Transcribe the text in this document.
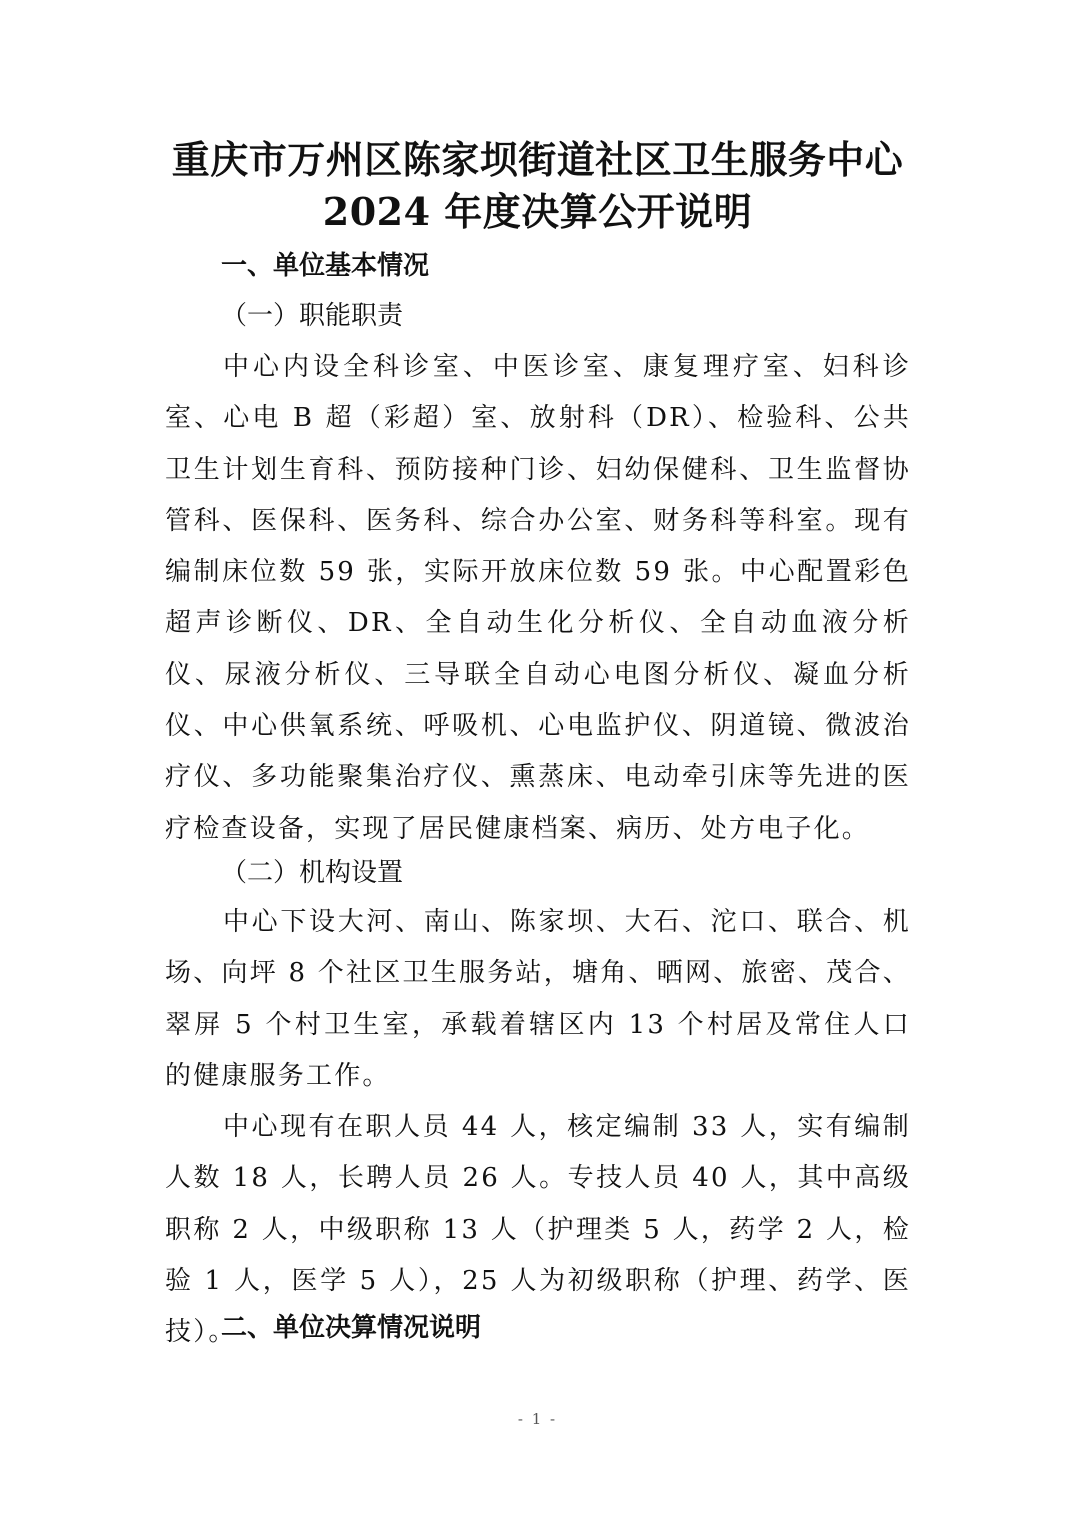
重庆市万州区陈家坝街道社区卫生服务中心
2024 年度决算公开说明
一、单位基本情况
（一）职能职责

中心内设全科诊室、中医诊室、康复理疗室、妇科诊室、心电 B 超（彩超）室、放射科（DR）、检验科、公共卫生计划生育科、预防接种门诊、妇幼保健科、卫生监督协管科、医保科、医务科、综合办公室、财务科等科室。现有编制床位数 59 张，实际开放床位数 59 张。中心配置彩色超声诊断仪、DR、全自动生化分析仪、全自动血液分析仪、尿液分析仪、三导联全自动心电图分析仪、凝血分析仪、中心供氧系统、呼吸机、心电监护仪、阴道镜、微波治疗仪、多功能聚集治疗仪、熏蒸床、电动牵引床等先进的医疗检查设备，实现了居民健康档案、病历、处方电子化。

（二）机构设置

中心下设大河、南山、陈家坝、大石、沱口、联合、机场、向坪 8 个社区卫生服务站，塘角、晒网、旅密、茂合、翠屏 5 个村卫生室，承载着辖区内 13 个村居及常住人口的健康服务工作。

中心现有在职人员 44 人，核定编制 33 人，实有编制人数 18 人，长聘人员 26 人。专技人员 40 人，其中高级职称 2 人，中级职称 13 人（护理类 5 人，药学 2 人，检验 1 人，医学 5 人），25 人为初级职称（护理、药学、医技）。

二、单位决算情况说明
- 1 -
